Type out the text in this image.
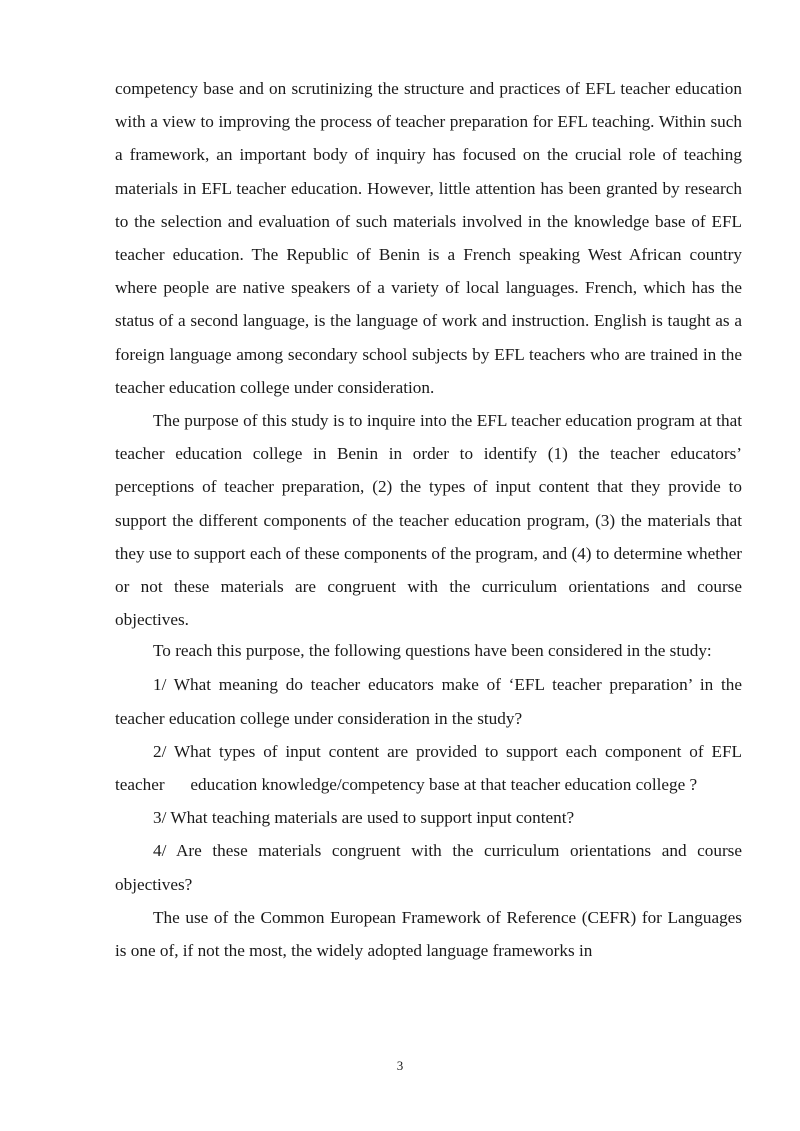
competency base and on scrutinizing the structure and practices of EFL teacher education with a view to improving the process of teacher preparation for EFL teaching. Within such a framework, an important body of inquiry has focused on the crucial role of teaching materials in EFL teacher education. However, little attention has been granted by research to the selection and evaluation of such materials involved in the knowledge base of EFL teacher education. The Republic of Benin is a French speaking West African country where people are native speakers of a variety of local languages. French, which has the status of a second language, is the language of work and instruction. English is taught as a foreign language among secondary school subjects by EFL teachers who are trained in the teacher education college under consideration.

The purpose of this study is to inquire into the EFL teacher education program at that teacher education college in Benin in order to identify (1) the teacher educators’ perceptions of teacher preparation, (2) the types of input content that they provide to support the different components of the teacher education program, (3) the materials that they use to support each of these components of the program, and (4) to determine whether or not these materials are congruent with the curriculum orientations and course objectives.

To reach this purpose, the following questions have been considered in the study:

1/ What meaning do teacher educators make of ‘EFL teacher preparation’ in the    teacher education college under consideration in the study?

2/ What types of input content are provided to support each component of EFL teacher      education knowledge/competency base at that teacher education college ?

3/ What teaching materials are used to support input content?

4/ Are these materials congruent with the curriculum orientations and course objectives?

The use of the Common European Framework of Reference (CEFR) for Languages is one of, if not the most, the widely adopted language frameworks in

3
